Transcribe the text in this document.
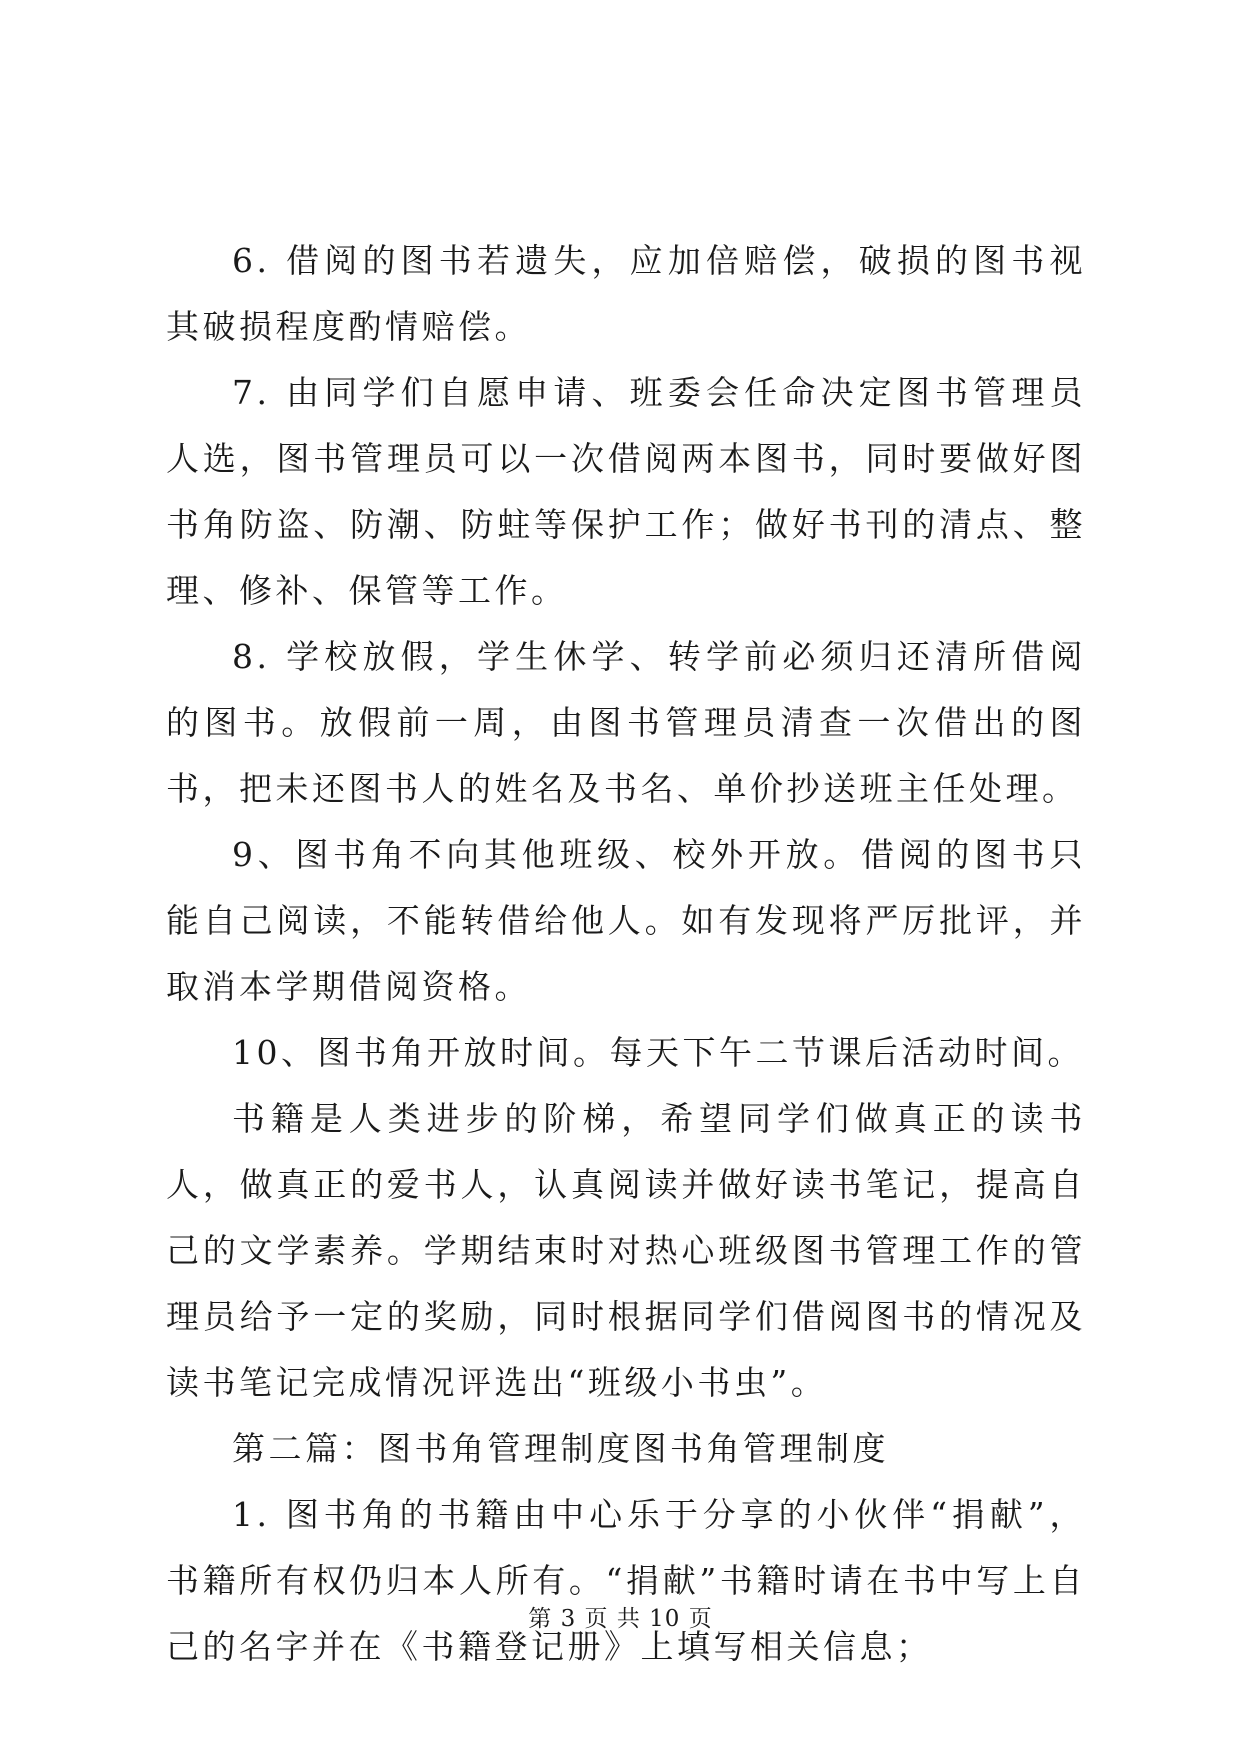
6. 借阅的图书若遗失，应加倍赔偿，破损的图书视其破损程度酌情赔偿。

7. 由同学们自愿申请、班委会任命决定图书管理员人选，图书管理员可以一次借阅两本图书，同时要做好图书角防盗、防潮、防蛀等保护工作；做好书刊的清点、整理、修补、保管等工作。

8. 学校放假，学生休学、转学前必须归还清所借阅的图书。放假前一周，由图书管理员清查一次借出的图书，把未还图书人的姓名及书名、单价抄送班主任处理。

9、图书角不向其他班级、校外开放。借阅的图书只能自己阅读，不能转借给他人。如有发现将严厉批评，并取消本学期借阅资格。

10、图书角开放时间。每天下午二节课后活动时间。

书籍是人类进步的阶梯，希望同学们做真正的读书人，做真正的爱书人，认真阅读并做好读书笔记，提高自己的文学素养。学期结束时对热心班级图书管理工作的管理员给予一定的奖励，同时根据同学们借阅图书的情况及读书笔记完成情况评选出“班级小书虫”。

第二篇：图书角管理制度图书角管理制度

1. 图书角的书籍由中心乐于分享的小伙伴“捐献”，书籍所有权仍归本人所有。“捐献”书籍时请在书中写上自己的名字并在《书籍登记册》上填写相关信息；

第 3 页 共 10 页
